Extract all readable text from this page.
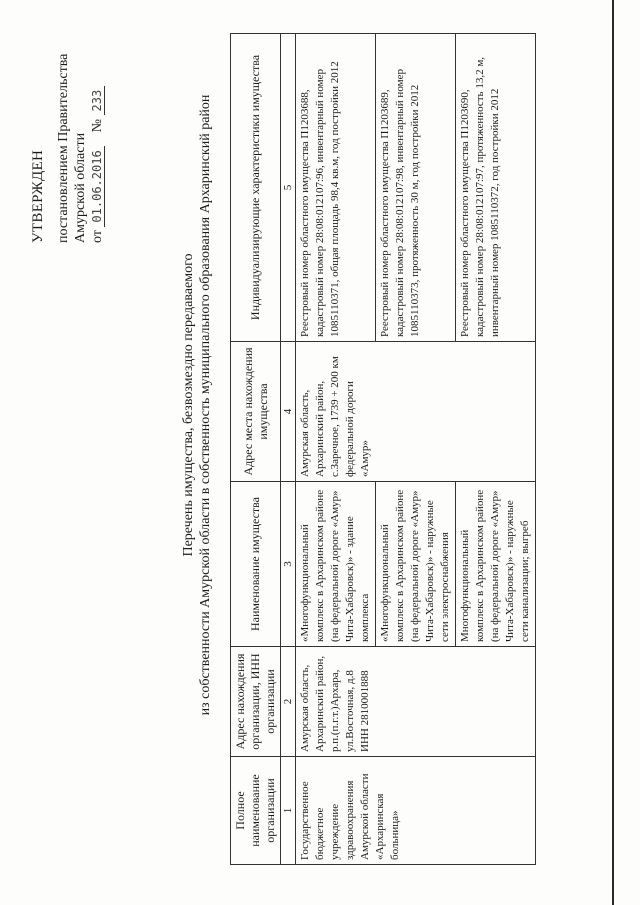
УТВЕРЖДЕН постановлением Правительства Амурской области от 01.06.2016    № 233
Перечень имущества, безвозмездно передаваемого из собственности Амурской области в собственность муниципального образования Архаринский район
Полное наименование организации	Адрес нахождения организации, ИНН организации	Наименование имущества	Адрес места нахождения имущества	Индивидуализирующие характеристики имущества
1	2	3	4	5
Государственное бюджетное учреждение здравоохранения Амурской области «Архаринская больница»	Амурская область, Архаринский район, р.п.(п.г.т.)Архара, ул.Восточная, д.8 ИНН 2810001888	«Многофункциональный комплекс в Архаринском районе (на федеральной дороге «Амур» Чита-Хабаровск)» - здание комплекса	Амурская область, Архаринский район, с.Заречное, 1739 + 200 км федеральной дороги «Амур»	Реестровый номер областного имущества П1203688, кадастровый номер 28:08:012107:96, инвентарный номер 1085110371, общая площадь 98,4 кв.м, год постройки 2012
		«Многофункциональный комплекс в Архаринском районе (на федеральной дороге «Амур» Чита-Хабаровск)» - наружные сети электроснабжения		Реестровый номер областного имущества П1203689, кадастровый номер 28:08:012107:98, инвентарный номер 1085110373, протяженность 30 м, год постройки 2012
		Многофункциональный комплекс в Архаринском районе (на федеральной дороге «Амур» Чита-Хабаровск)» - наружные сети канализации; выгреб		Реестровый номер областного имущества П1203690, кадастровый номер 28:08:012107:97, протяженность 13,2 м, инвентарный номер 1085110372, год постройки 2012
